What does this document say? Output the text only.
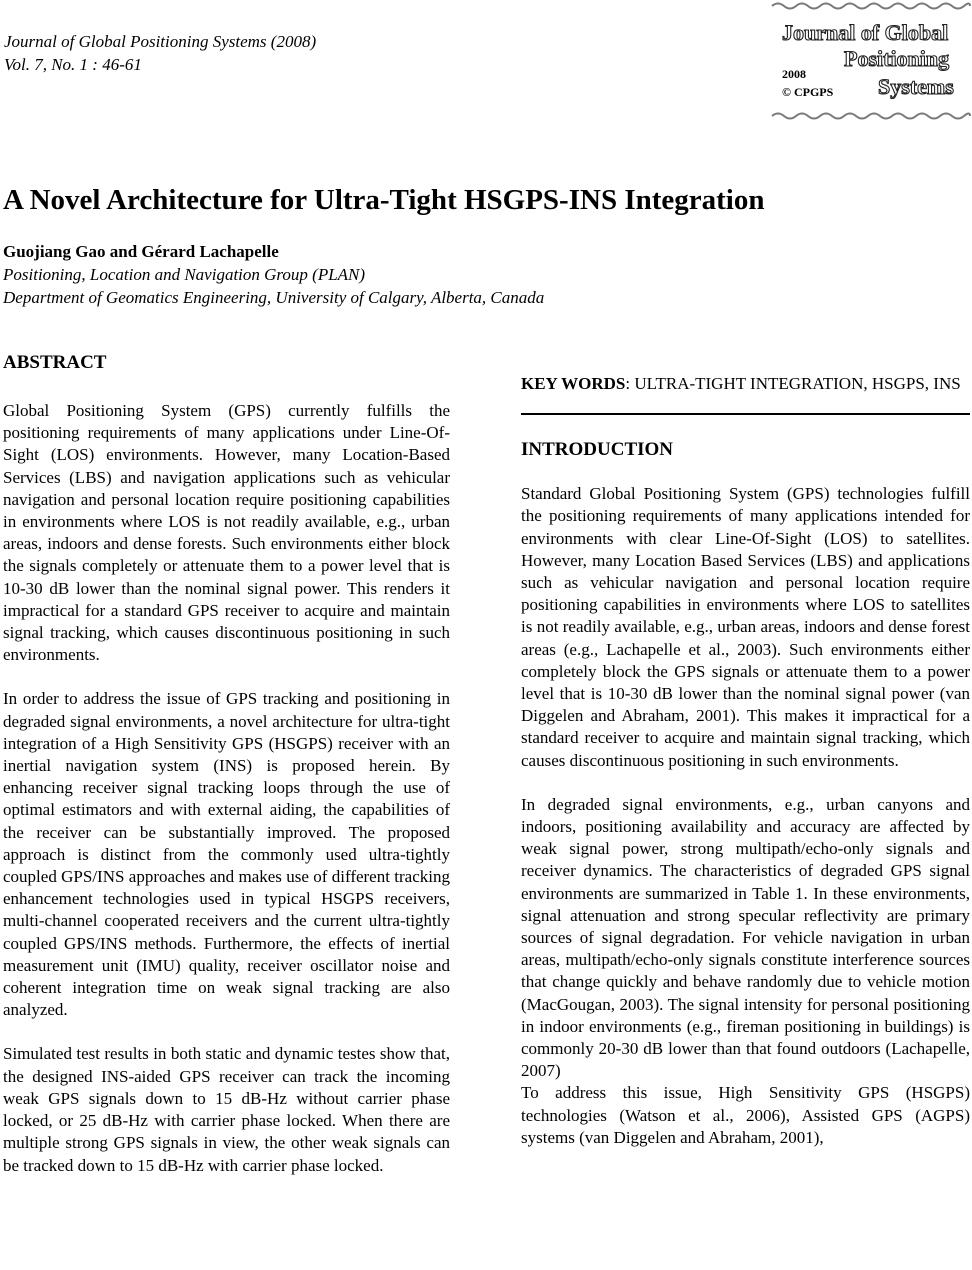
Journal of Global Positioning Systems (2008)
Vol. 7, No. 1 : 46-61
Journal of Global
Positioning
Systems
2008
© CPGPS
A Novel Architecture for Ultra-Tight HSGPS-INS Integration
Guojiang Gao and Gérard Lachapelle
Positioning, Location and Navigation Group (PLAN)
Department of Geomatics Engineering, University of Calgary, Alberta, Canada
ABSTRACT

Global Positioning System (GPS) currently fulfills the positioning requirements of many applications under Line-Of-Sight (LOS) environments. However, many Location-Based Services (LBS) and navigation applications such as vehicular navigation and personal location require positioning capabilities in environments where LOS is not readily available, e.g., urban areas, indoors and dense forests. Such environments either block the signals completely or attenuate them to a power level that is 10-30 dB lower than the nominal signal power. This renders it impractical for a standard GPS receiver to acquire and maintain signal tracking, which causes discontinuous positioning in such environments.

In order to address the issue of GPS tracking and positioning in degraded signal environments, a novel architecture for ultra-tight integration of a High Sensitivity GPS (HSGPS) receiver with an inertial navigation system (INS) is proposed herein. By enhancing receiver signal tracking loops through the use of optimal estimators and with external aiding, the capabilities of the receiver can be substantially improved. The proposed approach is distinct from the commonly used ultra-tightly coupled GPS/INS approaches and makes use of different tracking enhancement technologies used in typical HSGPS receivers, multi-channel cooperated receivers and the current ultra-tightly coupled GPS/INS methods. Furthermore, the effects of inertial measurement unit (IMU) quality, receiver oscillator noise and coherent integration time on weak signal tracking are also analyzed.

Simulated test results in both static and dynamic testes show that, the designed INS-aided GPS receiver can track the incoming weak GPS signals down to 15 dB-Hz without carrier phase locked, or 25 dB-Hz with carrier phase locked. When there are multiple strong GPS signals in view, the other weak signals can be tracked down to 15 dB-Hz with carrier phase locked.

KEY WORDS: ULTRA-TIGHT INTEGRATION, HSGPS, INS

INTRODUCTION

Standard Global Positioning System (GPS) technologies fulfill the positioning requirements of many applications intended for environments with clear Line-Of-Sight (LOS) to satellites. However, many Location Based Services (LBS) and applications such as vehicular navigation and personal location require positioning capabilities in environments where LOS to satellites is not readily available, e.g., urban areas, indoors and dense forest areas (e.g., Lachapelle et al., 2003). Such environments either completely block the GPS signals or attenuate them to a power level that is 10-30 dB lower than the nominal signal power (van Diggelen and Abraham, 2001). This makes it impractical for a standard receiver to acquire and maintain signal tracking, which causes discontinuous positioning in such environments.

In degraded signal environments, e.g., urban canyons and indoors, positioning availability and accuracy are affected by weak signal power, strong multipath/echo-only signals and receiver dynamics. The characteristics of degraded GPS signal environments are summarized in Table 1. In these environments, signal attenuation and strong specular reflectivity are primary sources of signal degradation. For vehicle navigation in urban areas, multipath/echo-only signals constitute interference sources that change quickly and behave randomly due to vehicle motion (MacGougan, 2003). The signal intensity for personal positioning in indoor environments (e.g., fireman positioning in buildings) is commonly 20-30 dB lower than that found outdoors (Lachapelle, 2007)

To address this issue, High Sensitivity GPS (HSGPS) technologies (Watson et al., 2006), Assisted GPS (AGPS) systems (van Diggelen and Abraham, 2001),
